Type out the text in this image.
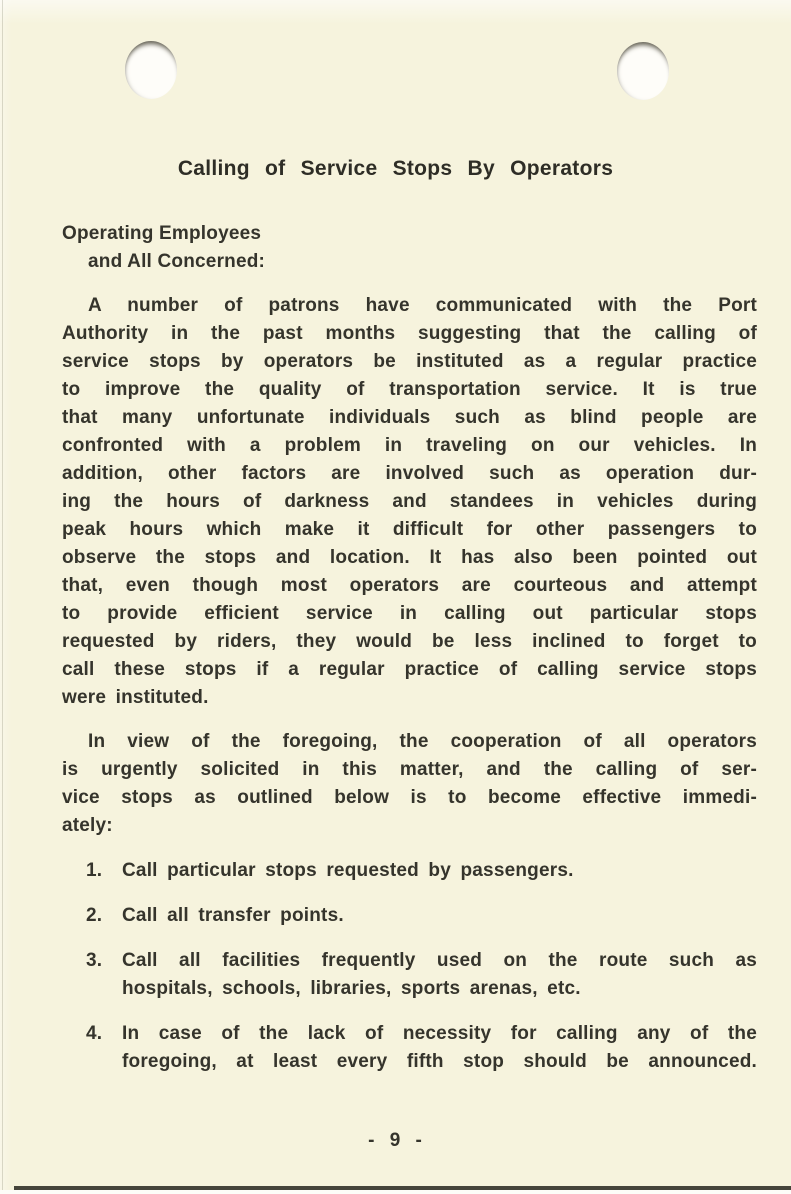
Calling of Service Stops By Operators
Operating Employees
and All Concerned:
A number of patrons have communicated with the Port
Authority in the past months suggesting that the calling of
service stops by operators be instituted as a regular practice
to improve the quality of transportation service. It is true
that many unfortunate individuals such as blind people are
confronted with a problem in traveling on our vehicles. In
addition, other factors are involved such as operation dur-
ing the hours of darkness and standees in vehicles during
peak hours which make it difficult for other passengers to
observe the stops and location. It has also been pointed out
that, even though most operators are courteous and attempt
to provide efficient service in calling out particular stops
requested by riders, they would be less inclined to forget to
call these stops if a regular practice of calling service stops
were instituted.
In view of the foregoing, the cooperation of all operators
is urgently solicited in this matter, and the calling of ser-
vice stops as outlined below is to become effective immedi-
ately:
1.	Call particular stops requested by passengers.
2.	Call all transfer points.
3.	Call all facilities frequently used on the route such as
hospitals, schools, libraries, sports arenas, etc.
4.	In case of the lack of necessity for calling any of the
foregoing, at least every fifth stop should be announced.
- 9 -
